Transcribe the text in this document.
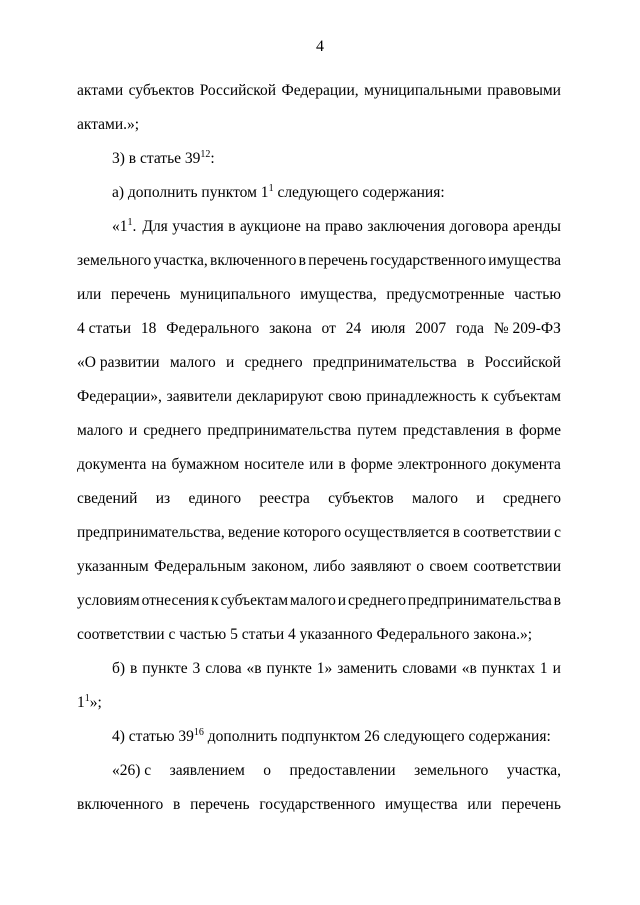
4
актами субъектов Российской Федерации, муниципальными правовыми
актами.»;
3) в статье $39^{12}$:
а) дополнить пунктом $1^1$ следующего содержания:
«$1^1$. Для участия в аукционе на право заключения договора аренды
земельного участка, включенного в перечень государственного имущества
или перечень муниципального имущества, предусмотренные частью
4 статьи 18 Федерального закона от 24 июля 2007 года № 209-ФЗ
«О развитии малого и среднего предпринимательства в Российской
Федерации», заявители декларируют свою принадлежность к субъектам
малого и среднего предпринимательства путем представления в форме
документа на бумажном носителе или в форме электронного документа
сведений из единого реестра субъектов малого и среднего
предпринимательства, ведение которого осуществляется в соответствии с
указанным Федеральным законом, либо заявляют о своем соответствии
условиям отнесения к субъектам малого и среднего предпринимательства в
соответствии с частью 5 статьи 4 указанного Федерального закона.»;
б) в пункте 3 слова «в пункте 1» заменить словами «в пунктах 1 и
$1^1$»;
4) статью $39^{16}$ дополнить подпунктом 26 следующего содержания:
«26) с заявлением о предоставлении земельного участка,
включенного в перечень государственного имущества или перечень
